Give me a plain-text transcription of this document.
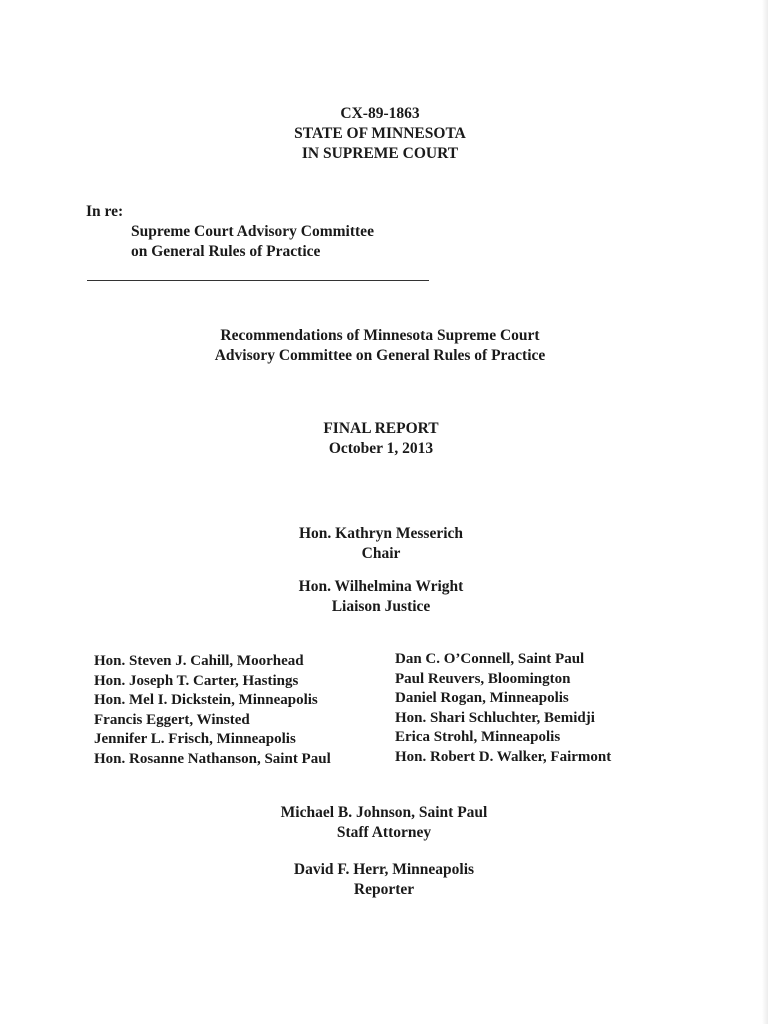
CX-89-1863
STATE OF MINNESOTA
IN SUPREME COURT
In re:
Supreme Court Advisory Committee
on General Rules of Practice
Recommendations of Minnesota Supreme Court
Advisory Committee on General Rules of Practice
FINAL REPORT
October 1, 2013
Hon. Kathryn Messerich
Chair
Hon. Wilhelmina Wright
Liaison Justice
Hon. Steven J. Cahill, Moorhead
Hon. Joseph T. Carter, Hastings
Hon. Mel I. Dickstein, Minneapolis
Francis Eggert, Winsted
Jennifer L. Frisch, Minneapolis
Hon. Rosanne Nathanson, Saint Paul
Dan C. O’Connell, Saint Paul
Paul Reuvers, Bloomington
Daniel Rogan, Minneapolis
Hon. Shari Schluchter, Bemidji
Erica Strohl, Minneapolis
Hon. Robert D. Walker, Fairmont
Michael B. Johnson, Saint Paul
Staff Attorney
David F. Herr, Minneapolis
Reporter
